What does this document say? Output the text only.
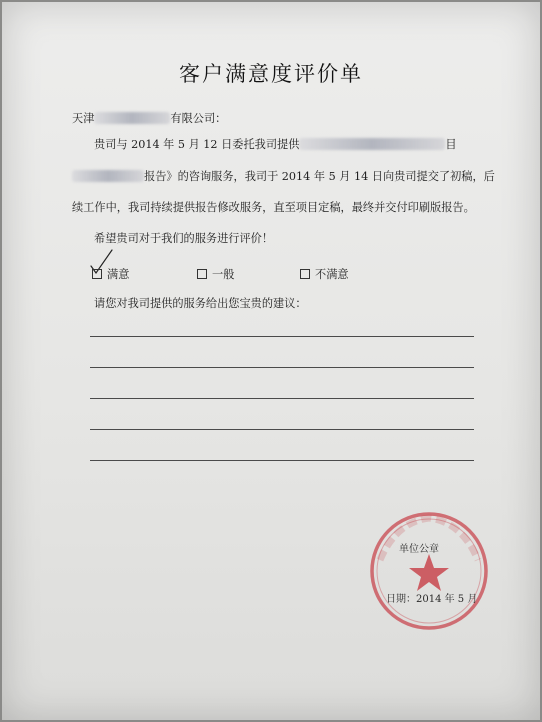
客户满意度评价单
天津	有限公司：
贵司与 2014 年 5 月 12 日委托我司提供	目
报告》的咨询服务，我司于 2014 年 5 月 14 日向贵司提交了初稿，后
续工作中，我司持续提供报告修改服务，直至项目定稿，最终并交付印刷版报告。
希望贵司对于我们的服务进行评价！
满意	一般	不满意
请您对我司提供的服务给出您宝贵的建议：
单位公章
日期：2014 年 5 月
